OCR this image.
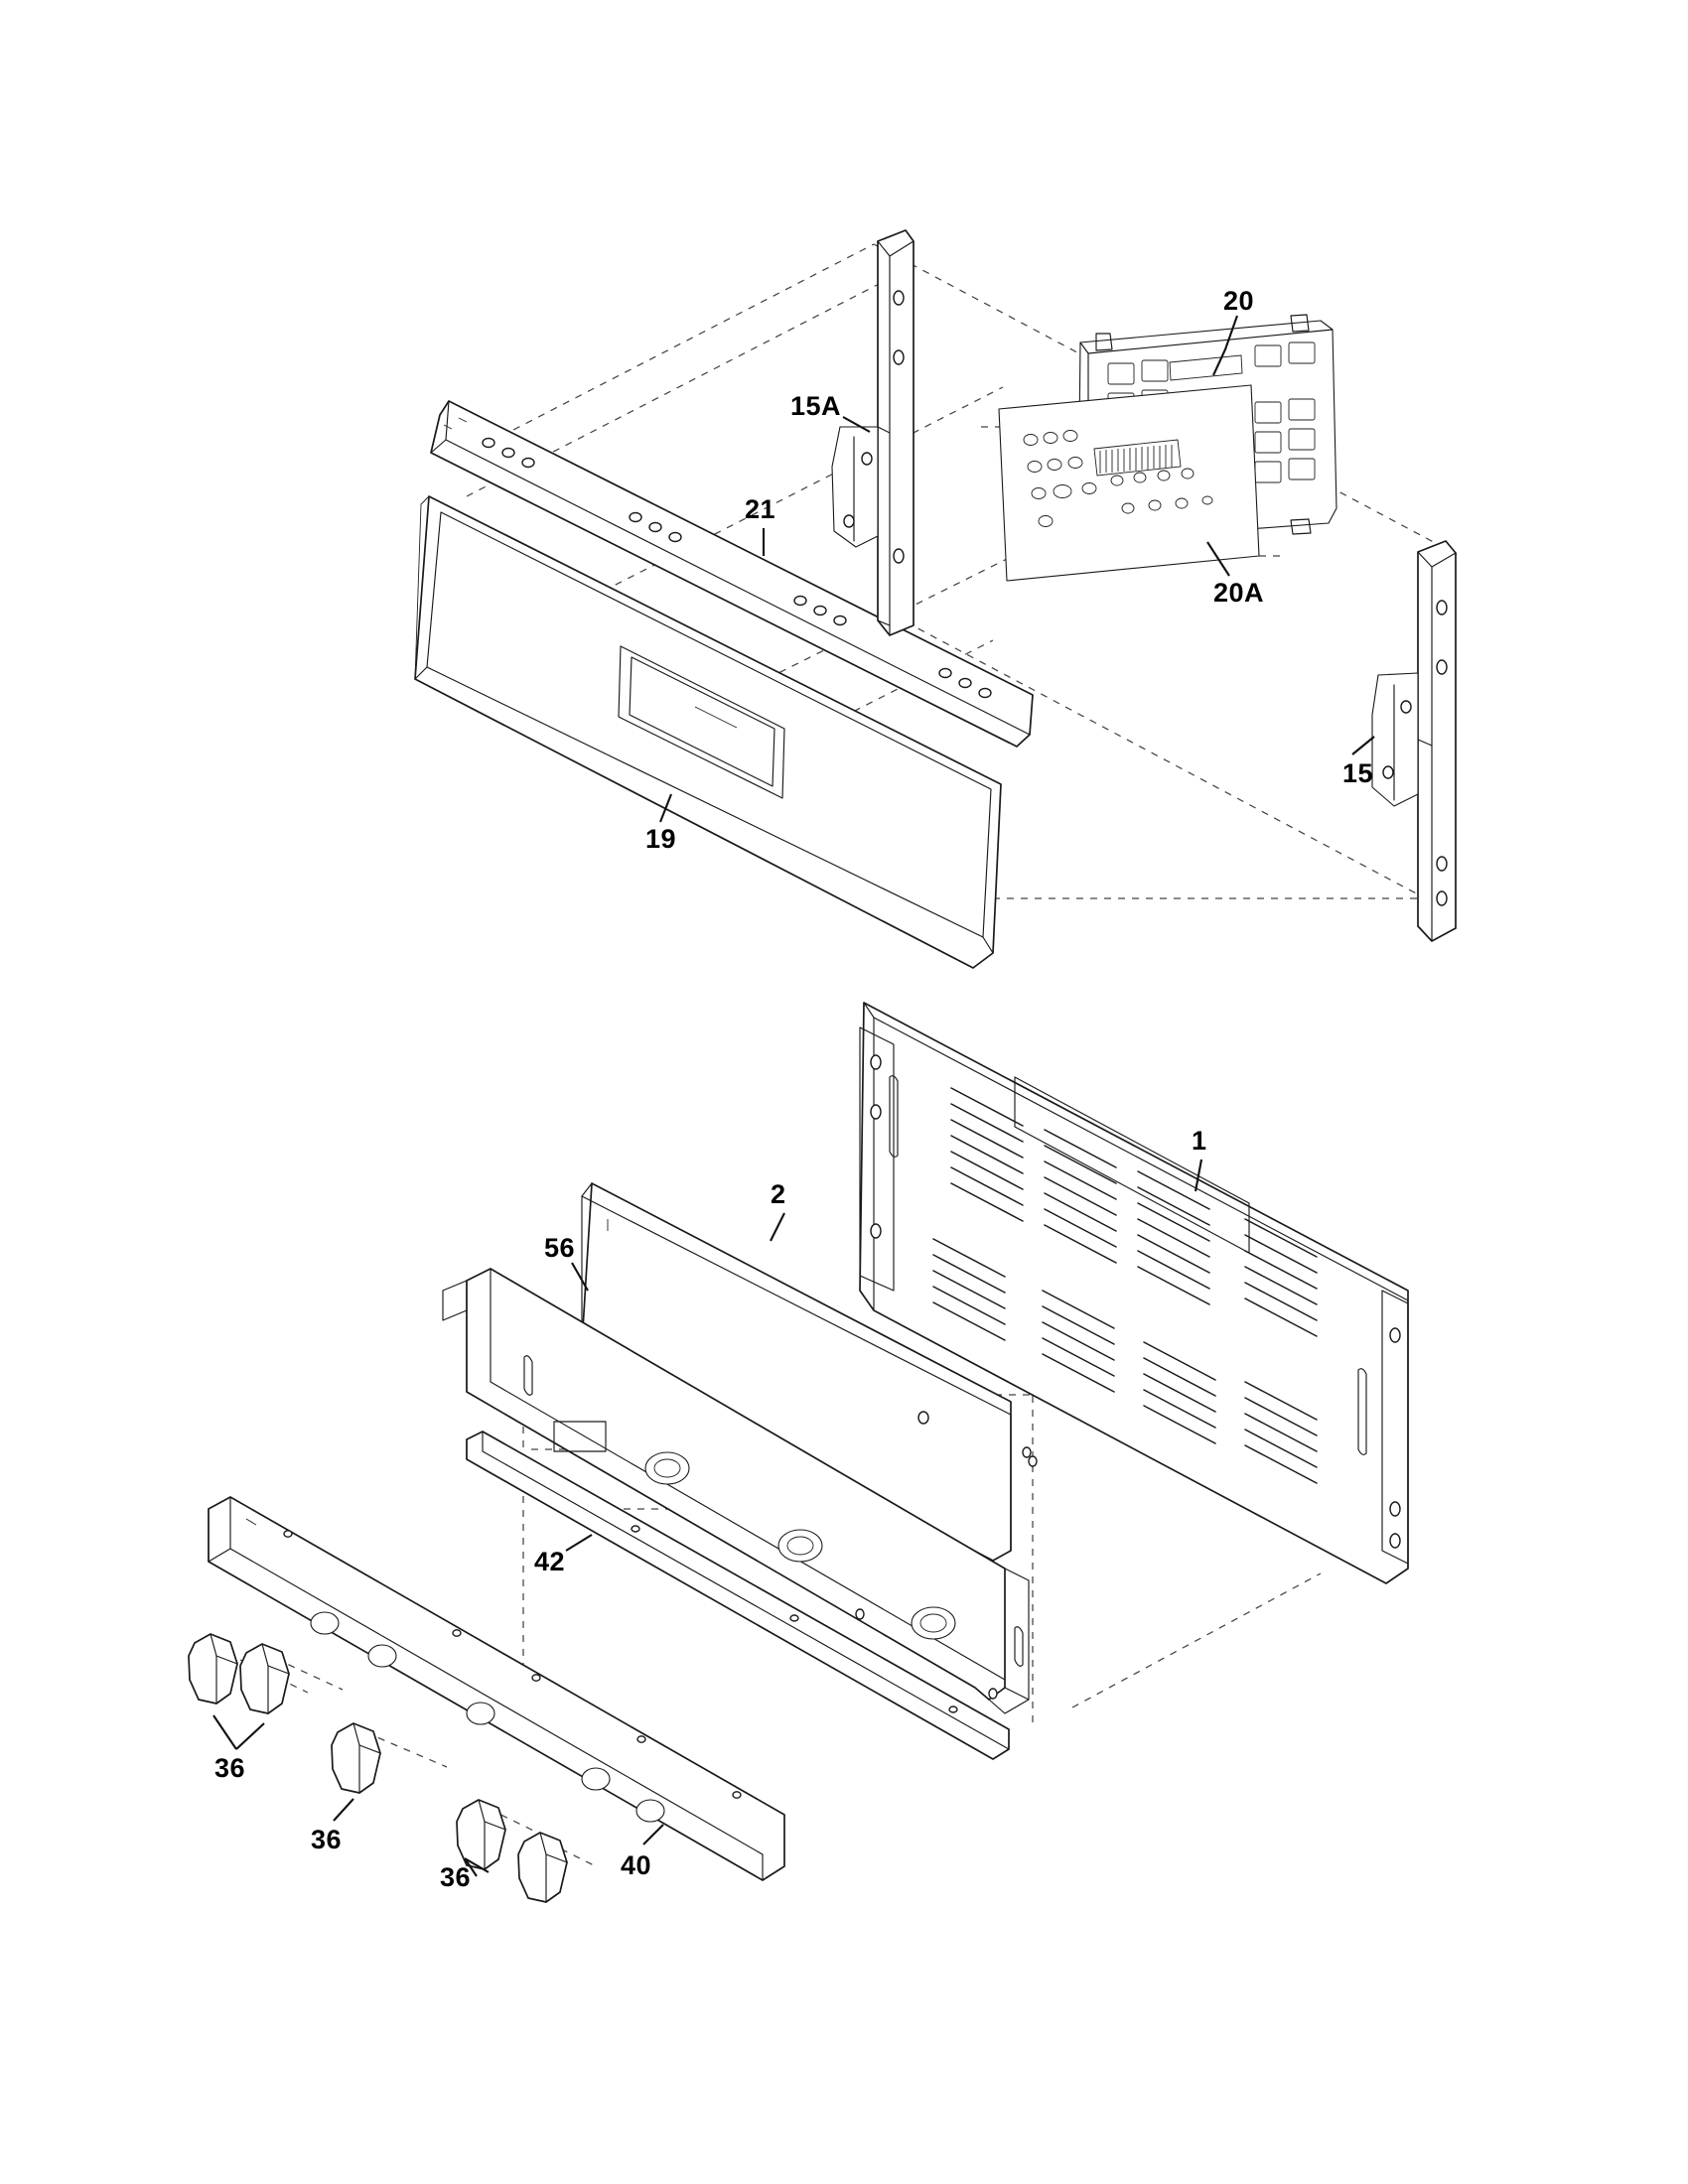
20
15A
21
20A
15
19
1
2
56
42
36
36
36	40
